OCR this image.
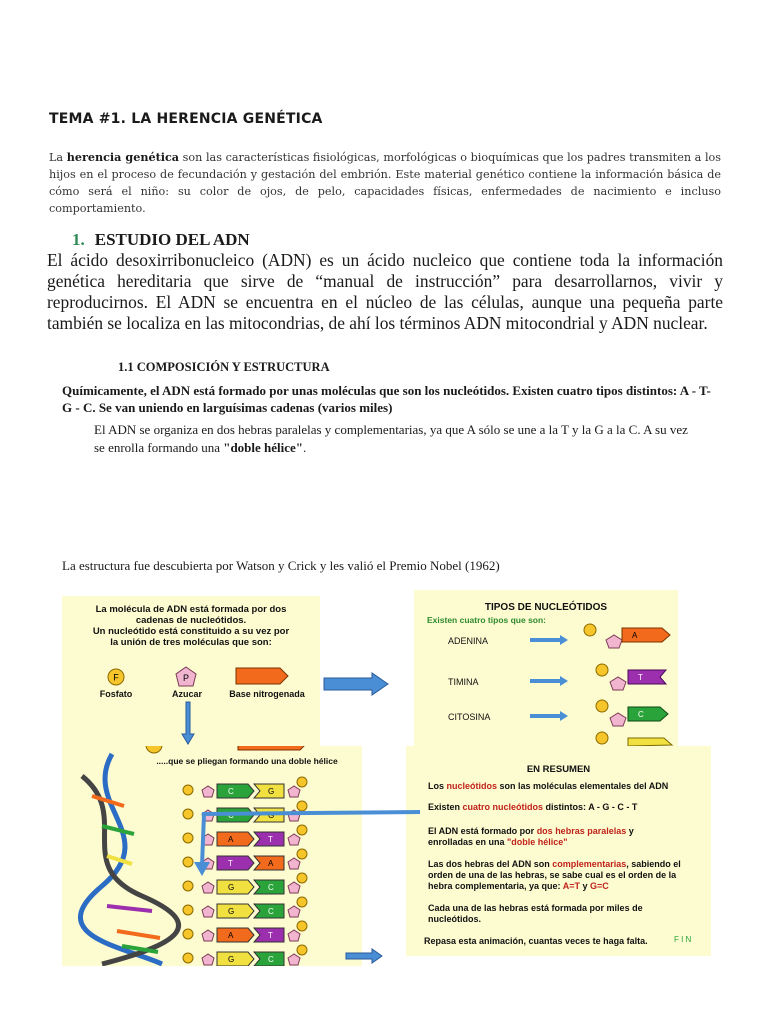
TEMA #1. LA HERENCIA GENÉTICA
La herencia genética son las características fisiológicas, morfológicas o bioquímicas que los padres transmiten a los hijos en el proceso de fecundación y gestación del embrión. Este material genético contiene la información básica de cómo será el niño: su color de ojos, de pelo, capacidades físicas, enfermedades de nacimiento e incluso comportamiento.
1. ESTUDIO DEL ADN
El ácido desoxirribonucleico (ADN) es un ácido nucleico que contiene toda la información genética hereditaria que sirve de “manual de instrucción” para desarrollarnos, vivir y reproducirnos. El ADN se encuentra en el núcleo de las células, aunque una pequeña parte también se localiza en las mitocondrias, de ahí los términos ADN mitocondrial y ADN nuclear.
1.1 COMPOSICIÓN Y ESTRUCTURA
Químicamente, el ADN está formado por unas moléculas que son los nucleótidos. Existen cuatro tipos distintos: A - T- G - C. Se van uniendo en larguísimas cadenas (varios miles)
El ADN se organiza en dos hebras paralelas y complementarias, ya que A sólo se une a la T y la G a la C. A su vez se enrolla formando una "doble hélice".
La estructura fue descubierta por Watson y Crick y les valió el Premio Nobel (1962)
La molécula de ADN está formada por dos
cadenas de nucleótidos.
Un nucleótido está constituido a su vez por
la unión de tres moléculas que son:
F	P
Fosfato	Azucar	Base nitrogenada
TIPOS DE NUCLEÓTIDOS
Existen cuatro tipos que son:
ADENINA
TIMINA
CITOSINA
A
T
C
.....que se pliegan formando una doble hélice
C	G
C	G
A	T
T	A
G	C
G	C
A	T
G	C
EN RESUMEN
Los nucleótidos son las moléculas elementales del ADN
Existen cuatro nucleótidos distintos: A - G - C - T
El ADN está formado por dos hebras paralelas y enrolladas en una "doble hélice"
Las dos hebras del ADN son complementarias, sabiendo el orden de una de las hebras, se sabe cual es el orden de la hebra complementaria, ya que: A=T y G=C
Cada una de las hebras está formada por miles de nucleótidos.
Repasa esta animación, cuantas veces te haga falta.	F I N
